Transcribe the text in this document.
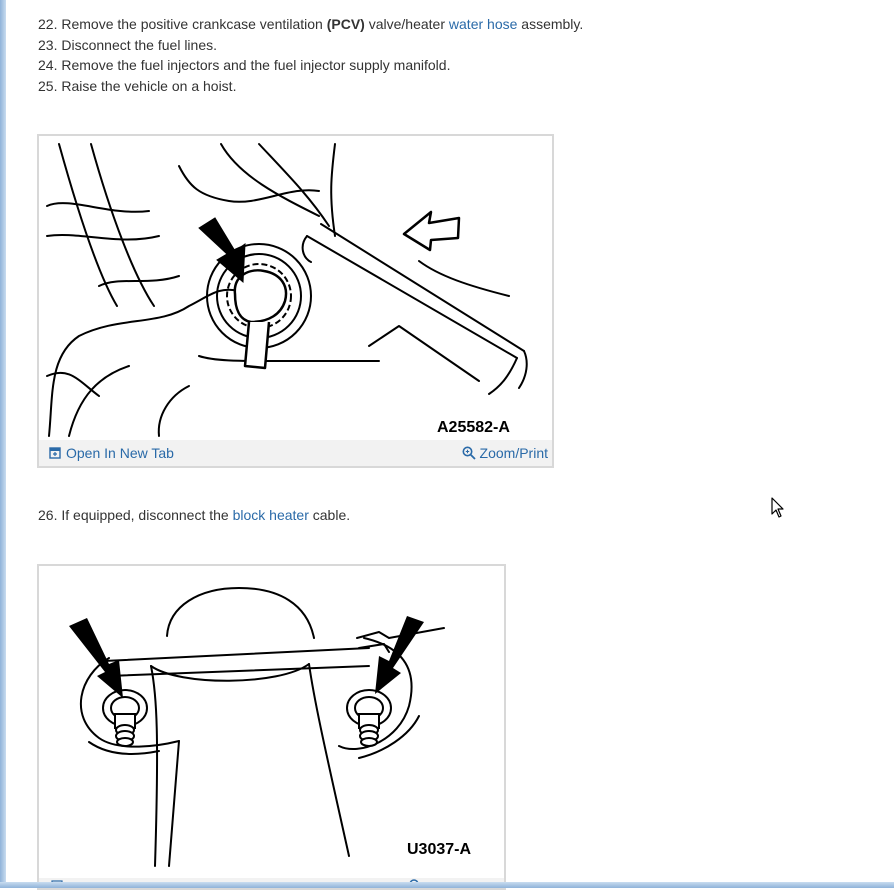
22. Remove the positive crankcase ventilation (PCV) valve/heater water hose assembly.

23. Disconnect the fuel lines.

24. Remove the fuel injectors and the fuel injector supply manifold.

25. Raise the vehicle on a hoist.

26. If equipped, disconnect the block heater cable.

A25582-A
Open In New Tab	Zoom/Print
U3037-A
